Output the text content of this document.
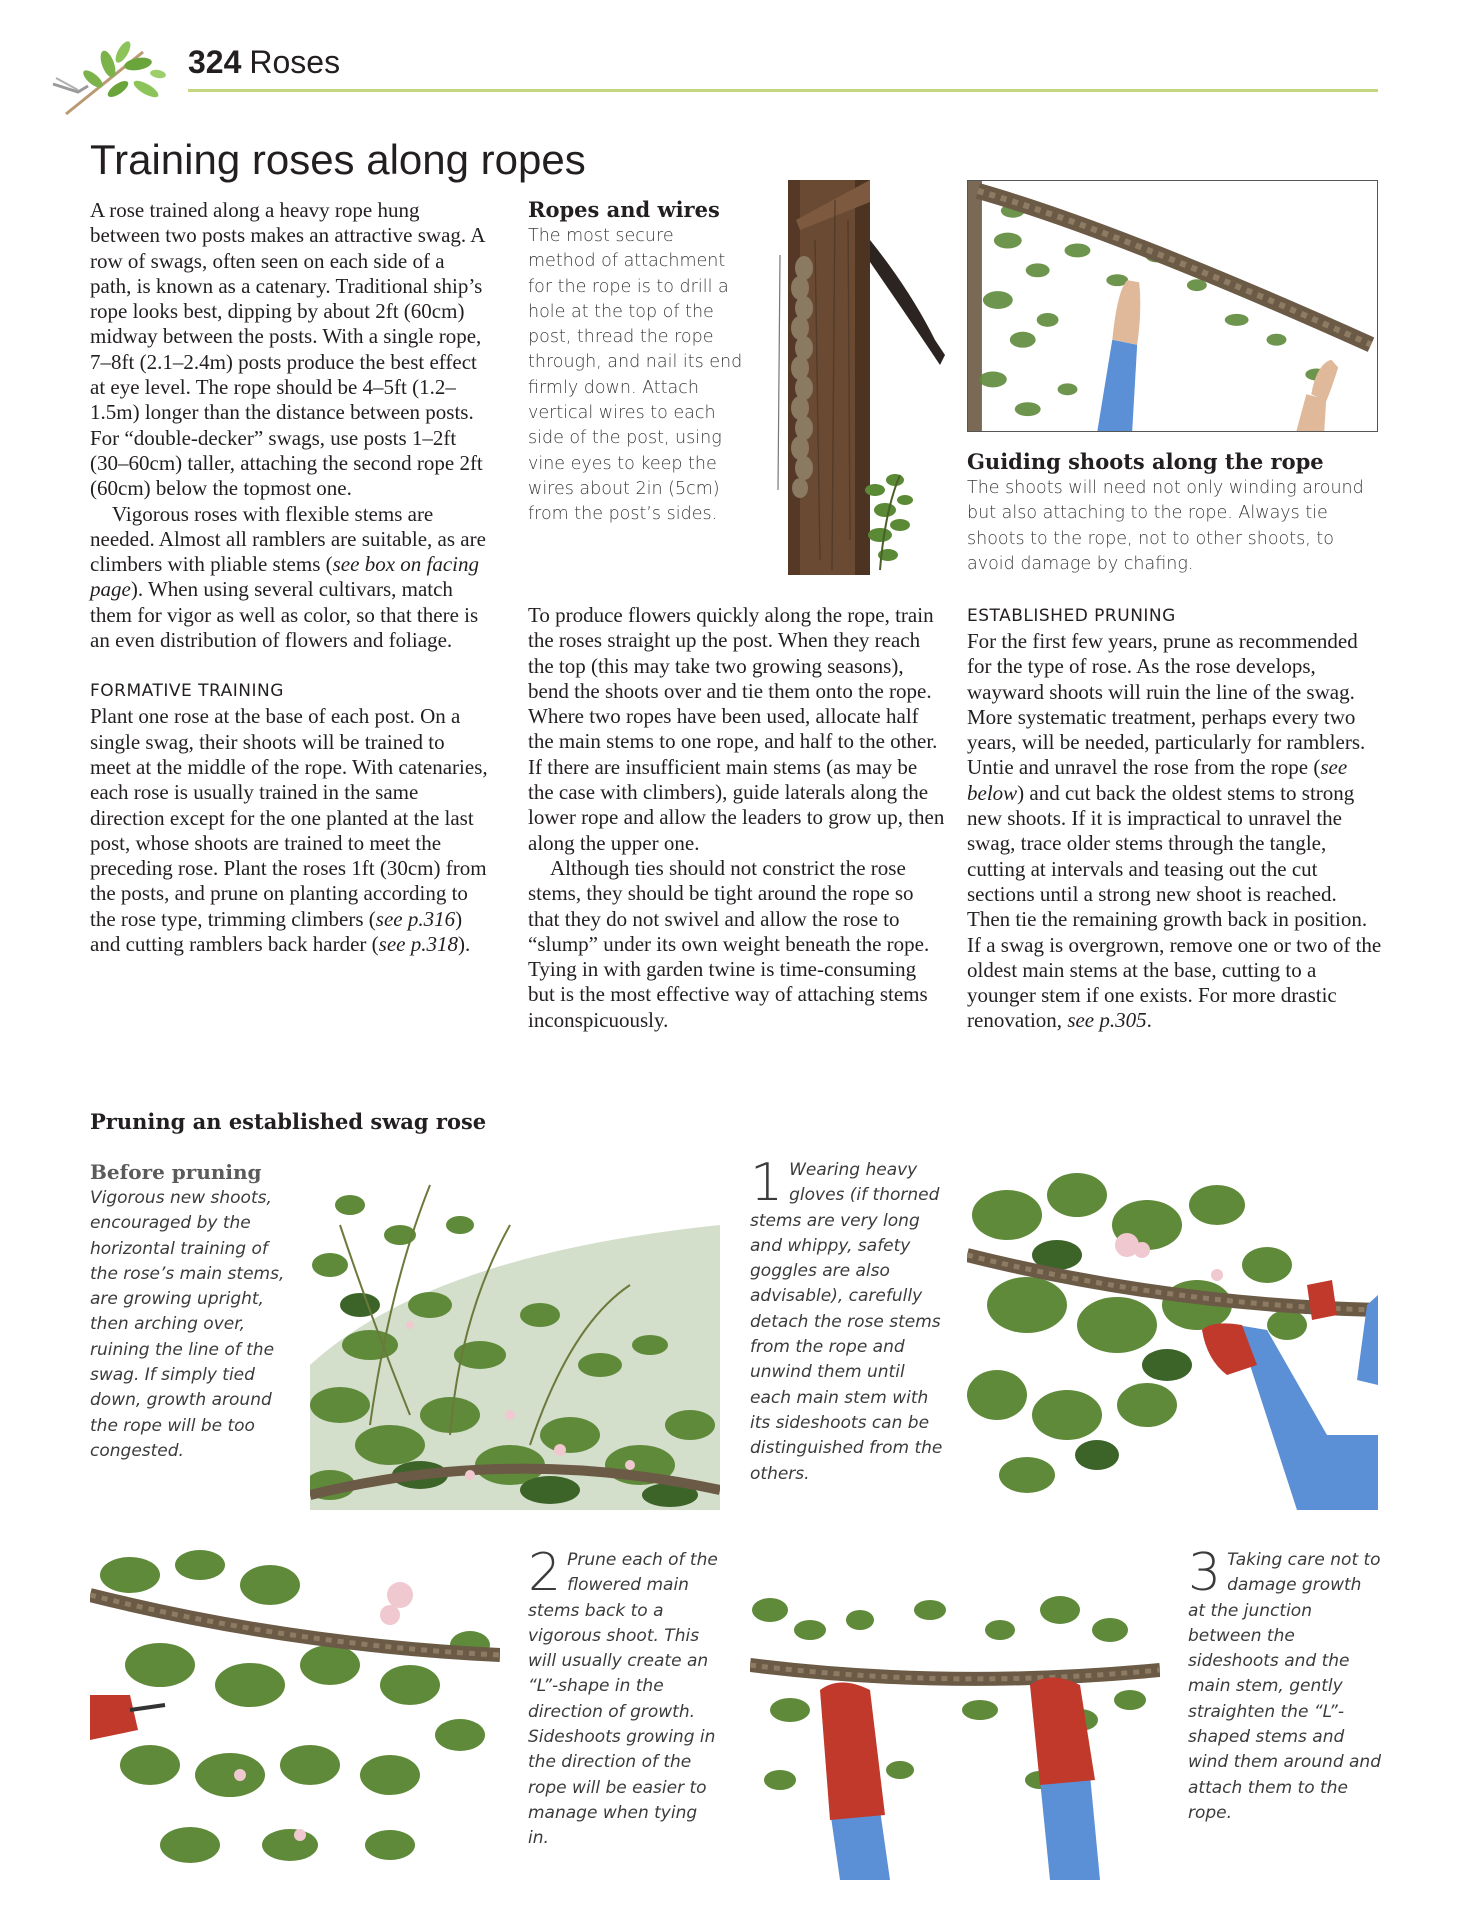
324 Roses
Training roses along ropes

A rose trained along a heavy rope hung between two posts makes an attractive swag. A row of swags, often seen on each side of a path, is known as a catenary. Traditional ship’s rope looks best, dipping by about 2ft (60cm) midway between the posts. With a single rope, 7–8ft (2.1–2.4m) posts produce the best effect at eye level. The rope should be 4–5ft (1.2–1.5m) longer than the distance between posts. For “double-decker” swags, use posts 1–2ft (30–60cm) taller, attaching the second rope 2ft (60cm) below the topmost one.

Vigorous roses with flexible stems are needed. Almost all ramblers are suitable, as are climbers with pliable stems (see box on facing page). When using several cultivars, match them for vigor as well as color, so that there is an even distribution of flowers and foliage.

FORMATIVE TRAINING

Plant one rose at the base of each post. On a single swag, their shoots will be trained to meet at the middle of the rope. With catenaries, each rose is usually trained in the same direction except for the one planted at the last post, whose shoots are trained to meet the preceding rose. Plant the roses 1ft (30cm) from the posts, and prune on planting according to the rose type, trimming climbers (see p.316) and cutting ramblers back harder (see p.318).

Ropes and wires

The most secure method of attachment for the rope is to drill a hole at the top of the post, thread the rope through, and nail its end firmly down. Attach vertical wires to each side of the post, using vine eyes to keep the wires about 2in (5cm) from the post’s sides.

Guiding shoots along the rope

The shoots will need not only winding around but also attaching to the rope. Always tie shoots to the rope, not to other shoots, to avoid damage by chafing.

To produce flowers quickly along the rope, train the roses straight up the post. When they reach the top (this may take two growing seasons), bend the shoots over and tie them onto the rope. Where two ropes have been used, allocate half the main stems to one rope, and half to the other. If there are insufficient main stems (as may be the case with climbers), guide laterals along the lower rope and allow the leaders to grow up, then along the upper one.

Although ties should not constrict the rose stems, they should be tight around the rope so that they do not swivel and allow the rose to “slump” under its own weight beneath the rope. Tying in with garden twine is time-consuming but is the most effective way of attaching stems inconspicuously.

ESTABLISHED PRUNING

For the first few years, prune as recommended for the type of rose. As the rose develops, wayward shoots will ruin the line of the swag. More systematic treatment, perhaps every two years, will be needed, particularly for ramblers. Untie and unravel the rose from the rope (see below) and cut back the oldest stems to strong new shoots. If it is impractical to unravel the swag, trace older stems through the tangle, cutting at intervals and teasing out the cut sections until a strong new shoot is reached. Then tie the remaining growth back in position. If a swag is overgrown, remove one or two of the oldest main stems at the base, cutting to a younger stem if one exists. For more drastic renovation, see p.305.

Pruning an established swag rose

Before pruning

Vigorous new shoots, encouraged by the horizontal training of the rose’s main stems, are growing upright, then arching over, ruining the line of the swag. If simply tied down, growth around the rope will be too congested.

1 Wearing heavy gloves (if thorned stems are very long and whippy, safety goggles are also advisable), carefully detach the rose stems from the rope and unwind them until each main stem with its sideshoots can be distinguished from the others.

2 Prune each of the flowered main stems back to a vigorous shoot. This will usually create an “L”-shape in the direction of growth. Sideshoots growing in the direction of the rope will be easier to manage when tying in.

3 Taking care not to damage growth at the junction between the sideshoots and the main stem, gently straighten the “L”-shaped stems and wind them around and attach them to the rope.
